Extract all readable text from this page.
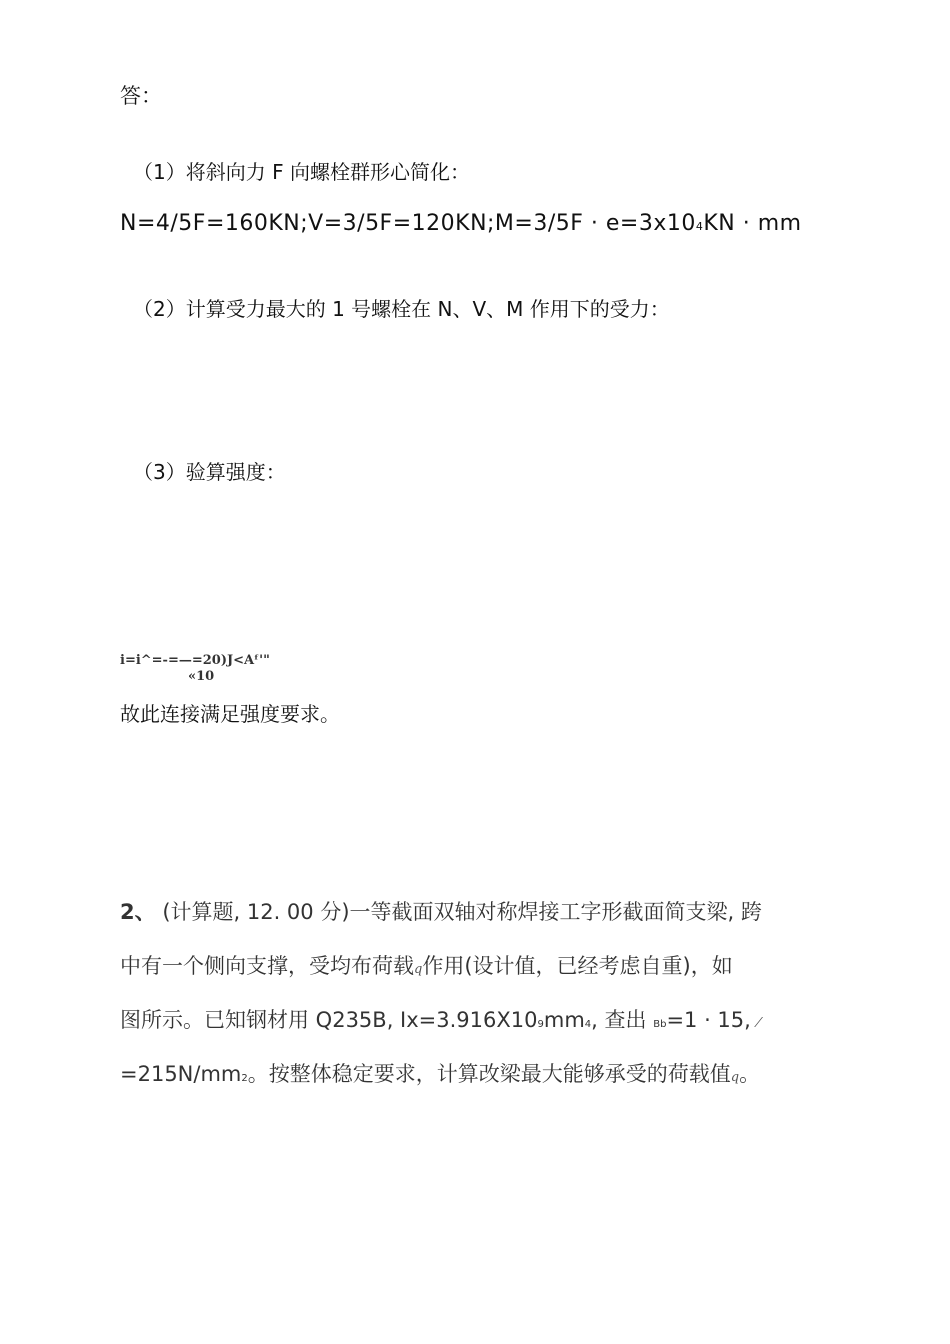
答：
（1）将斜向力 F 向螺栓群形心简化：
N=4/5F=160KN;V=3/5F=120KN;M=3/5F · e=3x104KN · mm
（2）计算受力最大的 1 号螺栓在 N、V、M 作用下的受力：
（3）验算强度：
i=i^=-=—=20)J<Aᶠ'"
«10
故此连接满足强度要求。
2、 (计算题, 12. 00 分)一等截面双轴对称焊接工字形截面简支梁, 跨
中有一个侧向支撑，受均布荷载q作用(设计值，已经考虑自重)，如
图所示。已知钢材用 Q235B, Ix=3.916X109mm4, 查出 Bb=1 · 15, ⁄
=215N/mm2。按整体稳定要求，计算改梁最大能够承受的荷载值q。
